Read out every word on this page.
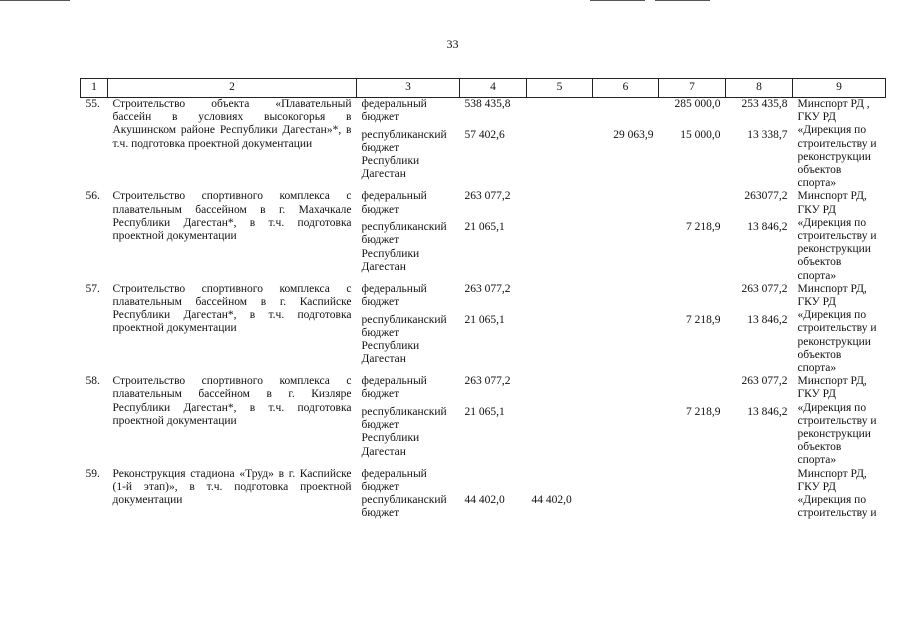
33
1	2	3	4	5	6	7	8	9
55.	Строительство объекта «Плавательный
бассейн в условиях высокогорья в
Акушинском районе Республики Дагестан»*, в
т.ч. подготовка проектной документации	федеральный бюджет	538 435,8			285 000,0	253 435,8	Минспорт РД , ГКУ РД «Дирекция по строительству и реконструкции объектов спорта»
		республиканский бюджет Республики Дагестан	57 402,6		29 063,9	15 000,0	13 338,7	
56.	Строительство спортивного комплекса с
плавательным бассейном в г. Махачкале
Республики Дагестан*, в т.ч. подготовка
проектной документации	федеральный бюджет	263 077,2				263077,2	Минспорт РД, ГКУ РД «Дирекция по строительству и реконструкции объектов спорта»
		республиканский бюджет Республики Дагестан	21 065,1			7 218,9	13 846,2	
57.	Строительство спортивного комплекса с
плавательным бассейном в г. Каспийске
Республики Дагестан*, в т.ч. подготовка
проектной документации	федеральный бюджет	263 077,2				263 077,2	Минспорт РД, ГКУ РД «Дирекция по строительству и реконструкции объектов спорта»
		республиканский бюджет Республики Дагестан	21 065,1			7 218,9	13 846,2	
58.	Строительство спортивного комплекса с
плавательным бассейном в г. Кизляре
Республики Дагестан*, в т.ч. подготовка
проектной документации	федеральный бюджет	263 077,2				263 077,2	Минспорт РД, ГКУ РД «Дирекция по строительству и реконструкции объектов спорта»
		республиканский бюджет Республики Дагестан	21 065,1			7 218,9	13 846,2	
59.	Реконструкция стадиона «Труд» в г. Каспийске
(1-й этап)», в т.ч. подготовка проектной
документации	федеральный бюджет						Минспорт РД, ГКУ РД «Дирекция по строительству и
		республиканский бюджет	44 402,0	44 402,0				
